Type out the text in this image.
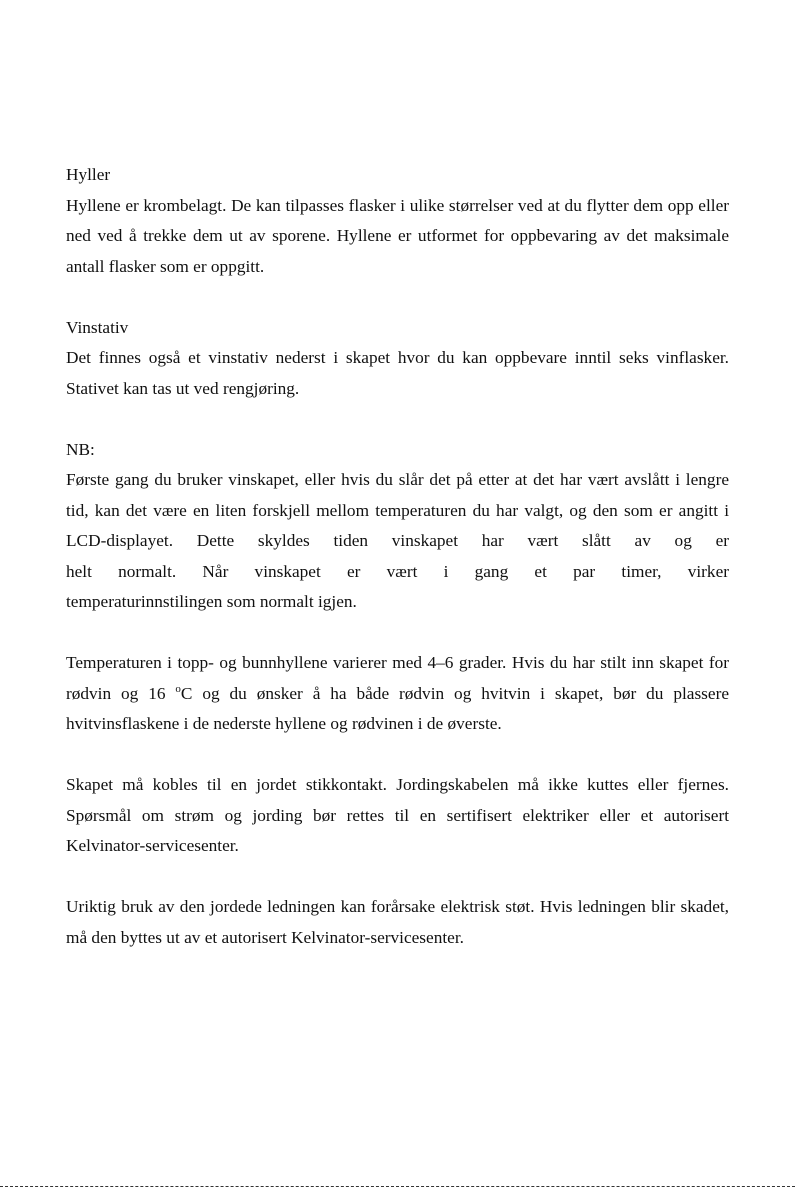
Hyller

Hyllene er krombelagt. De kan tilpasses flasker i ulike størrelser ved at du flytter dem opp eller ned ved å trekke dem ut av sporene. Hyllene er utformet for oppbevaring av det maksimale antall flasker som er oppgitt.

Vinstativ

Det finnes også et vinstativ nederst i skapet hvor du kan oppbevare inntil seks vinflasker. Stativet kan tas ut ved rengjøring.

NB:

Første gang du bruker vinskapet, eller hvis du slår det på etter at det har vært avslått i lengre tid, kan det være en liten forskjell mellom temperaturen du har valgt, og den som er angitt i LCD-displayet. Dette skyldes tiden vinskapet har vært slått av og er

helt normalt. Når vinskapet er vært i gang et par timer, virker

temperaturinnstilingen som normalt igjen.

Temperaturen i topp- og bunnhyllene varierer med 4–6 grader. Hvis du har stilt inn skapet for rødvin og 16 $^o$C og du ønsker å ha både rødvin og hvitvin i skapet, bør du plassere hvitvinsflaskene i de nederste hyllene og rødvinen i de øverste.

Skapet må kobles til en jordet stikkontakt. Jordingskabelen må ikke kuttes eller fjernes. Spørsmål om strøm og jording bør rettes til en sertifisert elektriker eller et autorisert Kelvinator-servicesenter.

Uriktig bruk av den jordede ledningen kan forårsake elektrisk støt. Hvis ledningen blir skadet, må den byttes ut av et autorisert Kelvinator-servicesenter.
